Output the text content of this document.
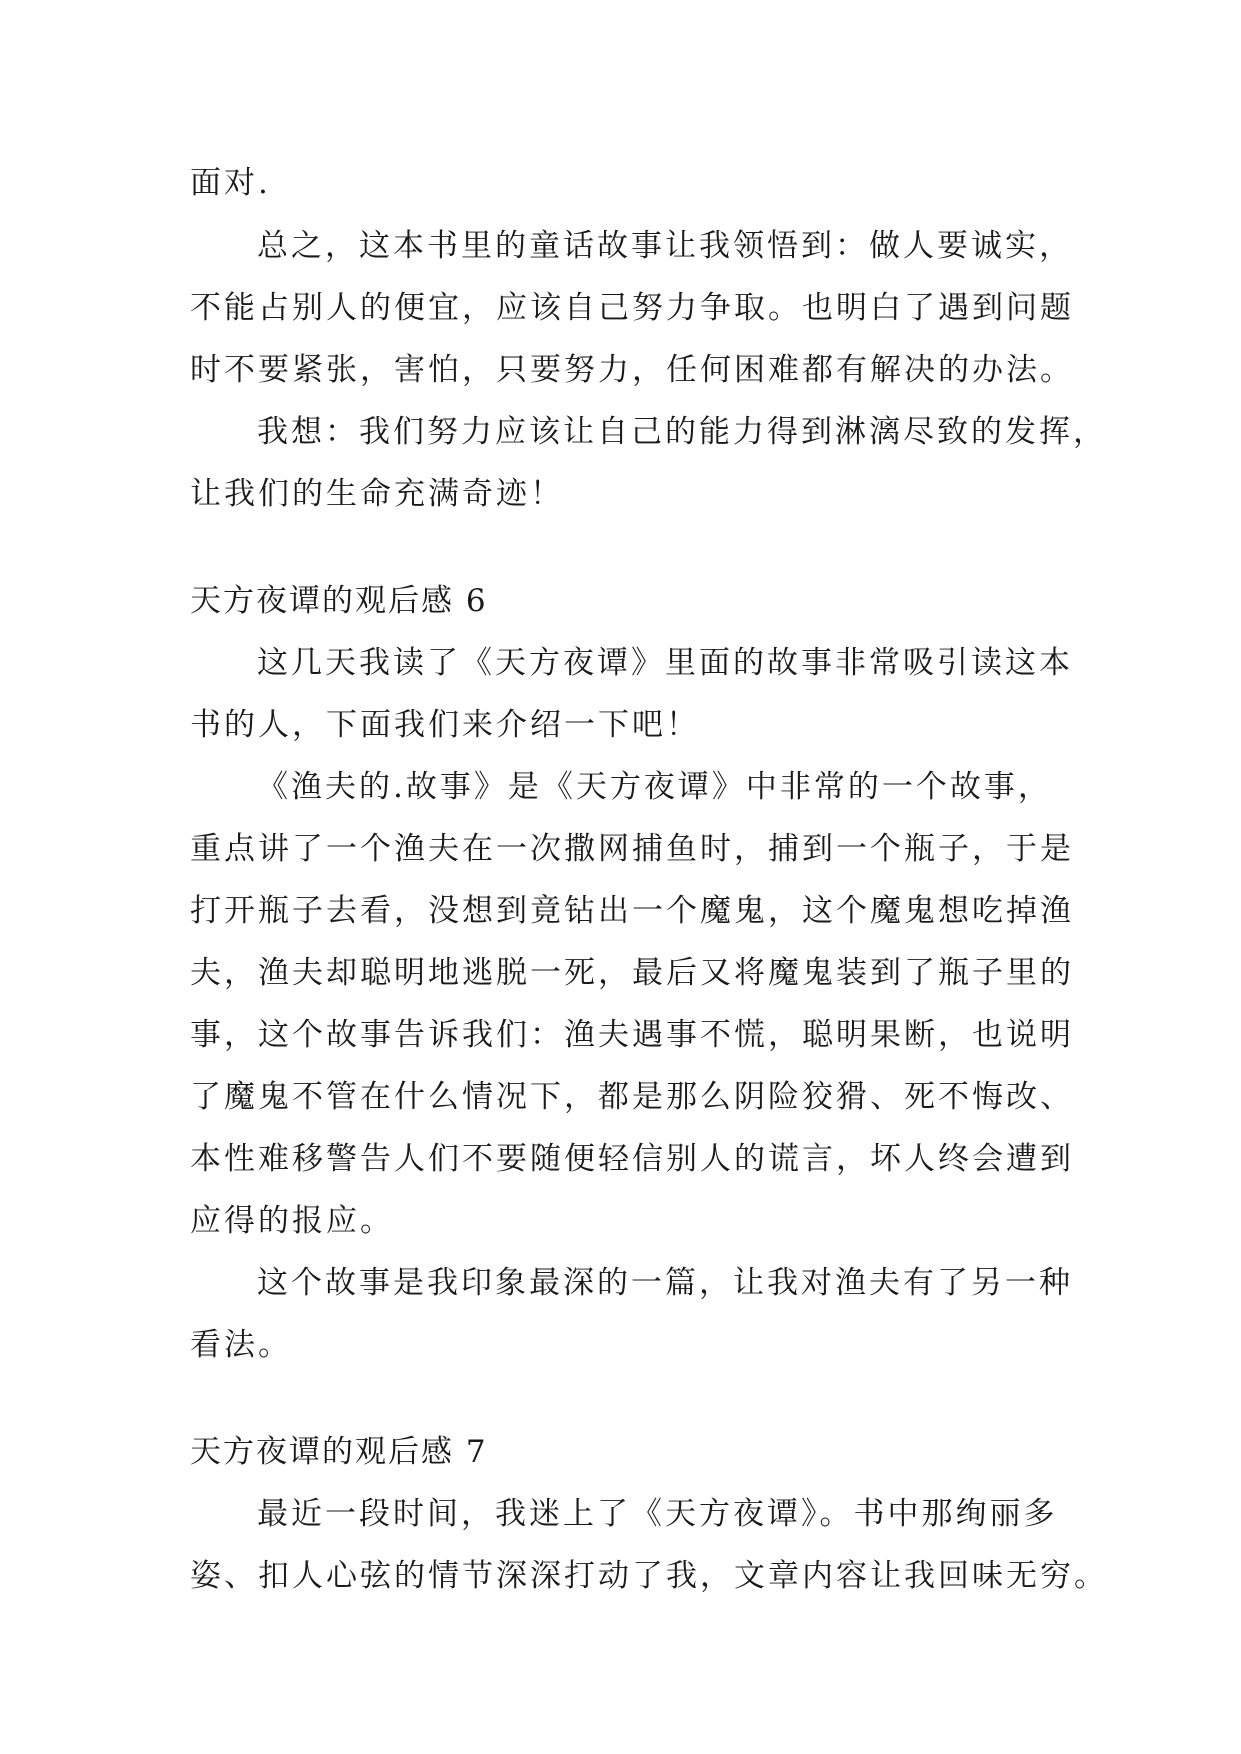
面对.
总之，这本书里的童话故事让我领悟到：做人要诚实，
不能占别人的便宜，应该自己努力争取。也明白了遇到问题
时不要紧张，害怕，只要努力，任何困难都有解决的办法。
我想：我们努力应该让自己的能力得到淋漓尽致的发挥，
让我们的生命充满奇迹！
天方夜谭的观后感 6
这几天我读了《天方夜谭》里面的故事非常吸引读这本
书的人，下面我们来介绍一下吧！
《渔夫的.故事》是《天方夜谭》中非常的一个故事，
重点讲了一个渔夫在一次撒网捕鱼时，捕到一个瓶子，于是
打开瓶子去看，没想到竟钻出一个魔鬼，这个魔鬼想吃掉渔
夫，渔夫却聪明地逃脱一死，最后又将魔鬼装到了瓶子里的
事，这个故事告诉我们：渔夫遇事不慌，聪明果断，也说明
了魔鬼不管在什么情况下，都是那么阴险狡猾、死不悔改、
本性难移警告人们不要随便轻信别人的谎言，坏人终会遭到
应得的报应。
这个故事是我印象最深的一篇，让我对渔夫有了另一种
看法。
天方夜谭的观后感 7
最近一段时间，我迷上了《天方夜谭》。书中那绚丽多
姿、扣人心弦的情节深深打动了我，文章内容让我回味无穷。
